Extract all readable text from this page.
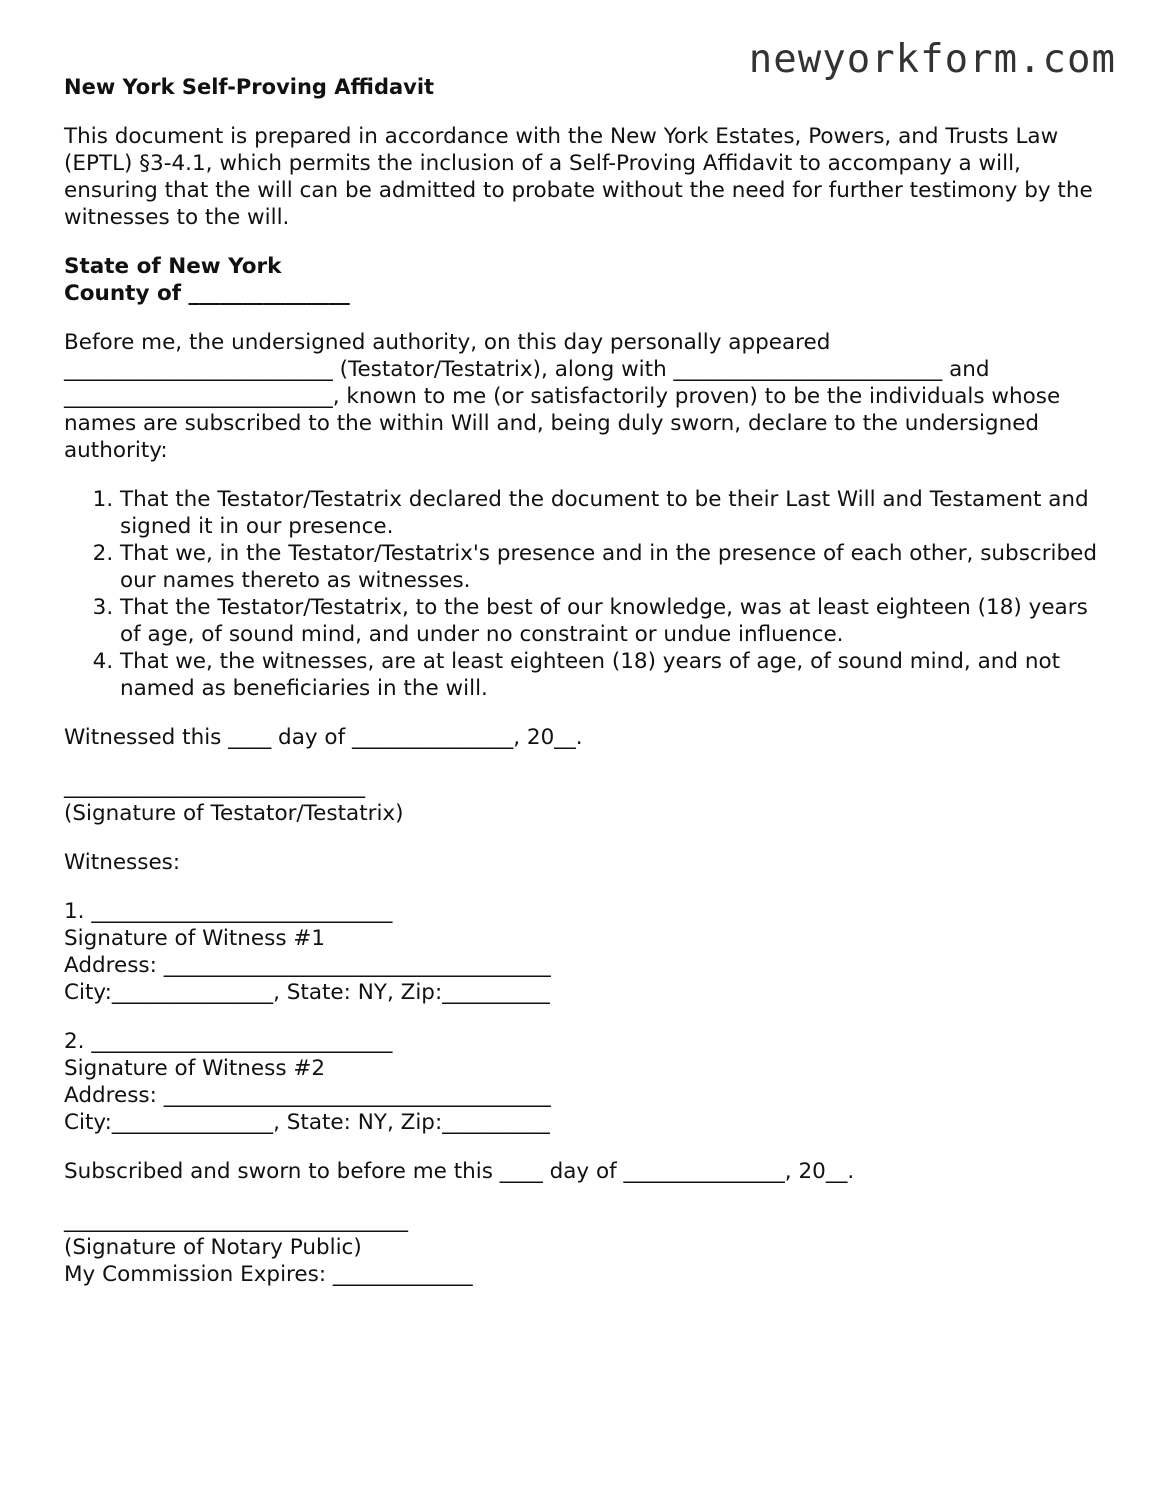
newyorkform.com
New York Self-Proving Affidavit
This document is prepared in accordance with the New York Estates, Powers, and Trusts Law (EPTL) §3-4.1, which permits the inclusion of a Self-Proving Affidavit to accompany a will, ensuring that the will can be admitted to probate without the need for further testimony by the witnesses to the will.
State of New York
County of _______________
Before me, the undersigned authority, on this day personally appeared _________________________ (Testator/Testatrix), along with _________________________ and _________________________, known to me (or satisfactorily proven) to be the individuals whose names are subscribed to the within Will and, being duly sworn, declare to the undersigned authority:
1. That the Testator/Testatrix declared the document to be their Last Will and Testament and signed it in our presence.
2. That we, in the Testator/Testatrix's presence and in the presence of each other, subscribed our names thereto as witnesses.
3. That the Testator/Testatrix, to the best of our knowledge, was at least eighteen (18) years of age, of sound mind, and under no constraint or undue influence.
4. That we, the witnesses, are at least eighteen (18) years of age, of sound mind, and not named as beneficiaries in the will.
Witnessed this ____ day of _______________, 20__.
____________________________
(Signature of Testator/Testatrix)
Witnesses:
1. ____________________________
Signature of Witness #1
Address: ____________________________________
City:_______________, State: NY, Zip:__________
2. ____________________________
Signature of Witness #2
Address: ____________________________________
City:_______________, State: NY, Zip:__________
Subscribed and sworn to before me this ____ day of _______________, 20__.
________________________________
(Signature of Notary Public)
My Commission Expires: _____________
